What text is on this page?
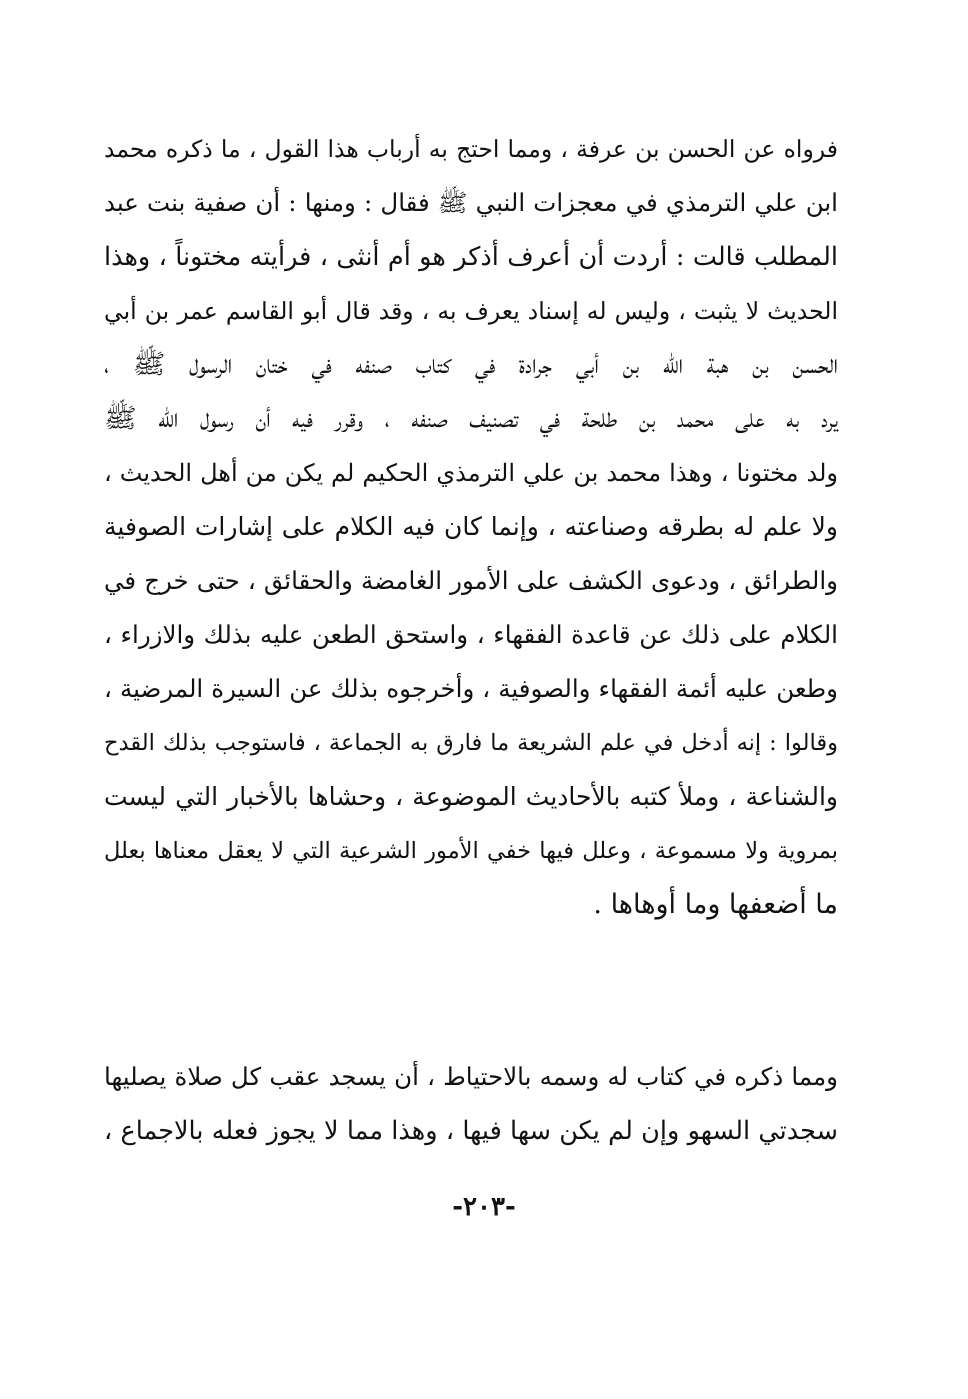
فرواه عن الحسن بن عرفة ، ومما احتج به أرباب هذا القول ، ما ذكره محمد
ابن علي الترمذي في معجزات النبي ﷺ فقال : ومنها : أن صفية بنت عبد
المطلب قالت : أردت أن أعرف أذكر هو أم أنثى ، فرأيته مختوناً ، وهذا
الحديث لا يثبت ، وليس له إسناد يعرف به ، وقد قال أبو القاسم عمر بن أبي
الحسن بن هبة الله بن أبي جرادة في كتاب صنفه في ختان الرسول ﷺ ،
يرد به على محمد بن طلحة في تصنيف صنفه ، وقرر فيه أن رسول الله ﷺ
ولد مختونا ، وهذا محمد بن علي الترمذي الحكيم لم يكن من أهل الحديث ،
ولا علم له بطرقه وصناعته ، وإنما كان فيه الكلام على إشارات الصوفية
والطرائق ، ودعوى الكشف على الأمور الغامضة والحقائق ، حتى خرج في
الكلام على ذلك عن قاعدة الفقهاء ، واستحق الطعن عليه بذلك والازراء ،
وطعن عليه أئمة الفقهاء والصوفية ، وأخرجوه بذلك عن السيرة المرضية ،
وقالوا : إنه أدخل في علم الشريعة ما فارق به الجماعة ، فاستوجب بذلك القدح
والشناعة ، وملأ كتبه بالأحاديث الموضوعة ، وحشاها بالأخبار التي ليست
بمروية ولا مسموعة ، وعلل فيها خفي الأمور الشرعية التي لا يعقل معناها بعلل
ما أضعفها وما أوهاها .
ومما ذكره في كتاب له وسمه بالاحتياط ، أن يسجد عقب كل صلاة يصليها
سجدتي السهو وإن لم يكن سها فيها ، وهذا مما لا يجوز فعله بالاجماع ،
-٢٠٣-
